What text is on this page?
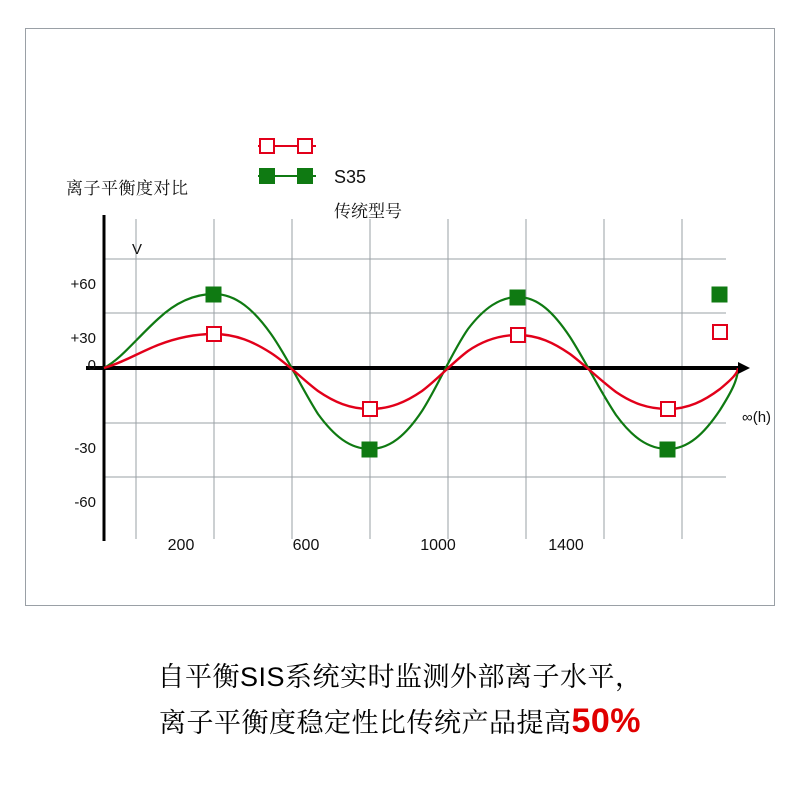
离子平衡度对比
S35
传统型号
V
∞(h)
+60
+30
0
-30
-60
200	600	1000	1400
自平衡SIS系统实时监测外部离子水平，
离子平衡度稳定性比传统产品提高50%
